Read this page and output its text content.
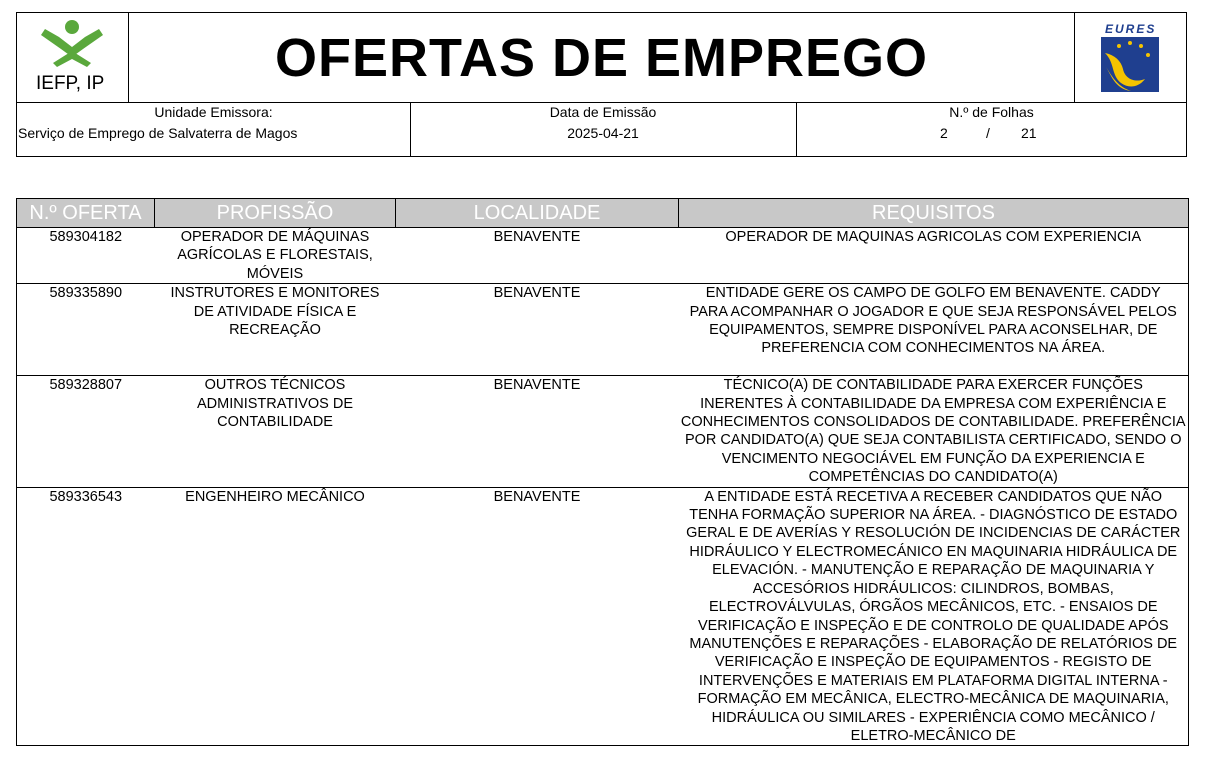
IEFP, IP	OFERTAS DE EMPREGO	EURES
Unidade Emissora:
Serviço de Emprego de Salvaterra de Magos
Data de Emissão
2025-04-21
N.º de Folhas
2	/ 21
N.º OFERTA	PROFISSÃO	LOCALIDADE	REQUISITOS
589304182	OPERADOR DE MÁQUINAS AGRÍCOLAS E FLORESTAIS, MÓVEIS	BENAVENTE	OPERADOR DE MAQUINAS AGRICOLAS COM EXPERIENCIA
589335890	INSTRUTORES E MONITORES DE ATIVIDADE FÍSICA E RECREAÇÃO	BENAVENTE	ENTIDADE GERE OS CAMPO DE GOLFO EM BENAVENTE. CADDY PARA ACOMPANHAR O JOGADOR E QUE SEJA RESPONSÁVEL PELOS EQUIPAMENTOS, SEMPRE DISPONÍVEL PARA ACONSELHAR, DE PREFERENCIA COM CONHECIMENTOS NA ÁREA.
589328807	OUTROS TÉCNICOS ADMINISTRATIVOS DE CONTABILIDADE	BENAVENTE	TÉCNICO(A) DE CONTABILIDADE PARA EXERCER FUNÇÕES INERENTES À CONTABILIDADE DA EMPRESA COM EXPERIÊNCIA E CONHECIMENTOS CONSOLIDADOS DE CONTABILIDADE. PREFERÊNCIA POR CANDIDATO(A) QUE SEJA CONTABILISTA CERTIFICADO, SENDO O VENCIMENTO NEGOCIÁVEL EM FUNÇÃO DA EXPERIENCIA E COMPETÊNCIAS DO CANDIDATO(A)
589336543	ENGENHEIRO MECÂNICO	BENAVENTE	A ENTIDADE ESTÁ RECETIVA A RECEBER CANDIDATOS QUE NÃO TENHA FORMAÇÃO SUPERIOR NA ÁREA. - DIAGNÓSTICO DE ESTADO GERAL E DE AVERÍAS Y RESOLUCIÓN DE INCIDENCIAS DE CARÁCTER HIDRÁULICO Y ELECTROMECÁNICO EN MAQUINARIA HIDRÁULICA DE ELEVACIÓN. - MANUTENÇÃO E REPARAÇÃO DE MAQUINARIA Y ACCESÓRIOS HIDRÁULICOS: CILINDROS, BOMBAS, ELECTROVÁLVULAS, ÓRGÃOS MECÂNICOS, ETC. - ENSAIOS DE VERIFICAÇÃO E INSPEÇÃO E DE CONTROLO DE QUALIDADE APÓS MANUTENÇÕES E REPARAÇÕES - ELABORAÇÃO DE RELATÓRIOS DE VERIFICAÇÃO E INSPEÇÃO DE EQUIPAMENTOS - REGISTO DE INTERVENÇÕES E MATERIAIS EM PLATAFORMA DIGITAL INTERNA - FORMAÇÃO EM MECÂNICA, ELECTRO-MECÂNICA DE MAQUINARIA, HIDRÁULICA OU SIMILARES - EXPERIÊNCIA COMO MECÂNICO / ELETRO-MECÂNICO DE
